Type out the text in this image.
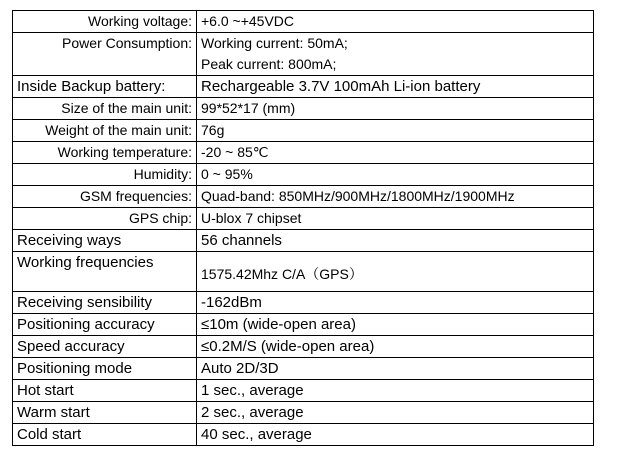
Working voltage:	+6.0 ~+45VDC
Power Consumption:	Working current: 50mA;
Peak current: 800mA;

Inside Backup battery:	Rechargeable 3.7V 100mAh Li-ion battery
Size of the main unit:	99*52*17 (mm)
Weight of the main unit:	76g
Working temperature:	-20 ~ 85℃
Humidity:	0 ~ 95%
GSM frequencies:	Quad-band: 850MHz/900MHz/1800MHz/1900MHz
GPS chip:	U-blox 7 chipset
Receiving ways	56 channels
Working frequencies	1575.42Mhz C/A（GPS）
Receiving sensibility	-162dBm
Positioning accuracy	≤10m (wide-open area)
Speed accuracy	≤0.2M/S (wide-open area)
Positioning mode	Auto 2D/3D
Hot start	1 sec., average
Warm start	2 sec., average
Cold start	40 sec., average
